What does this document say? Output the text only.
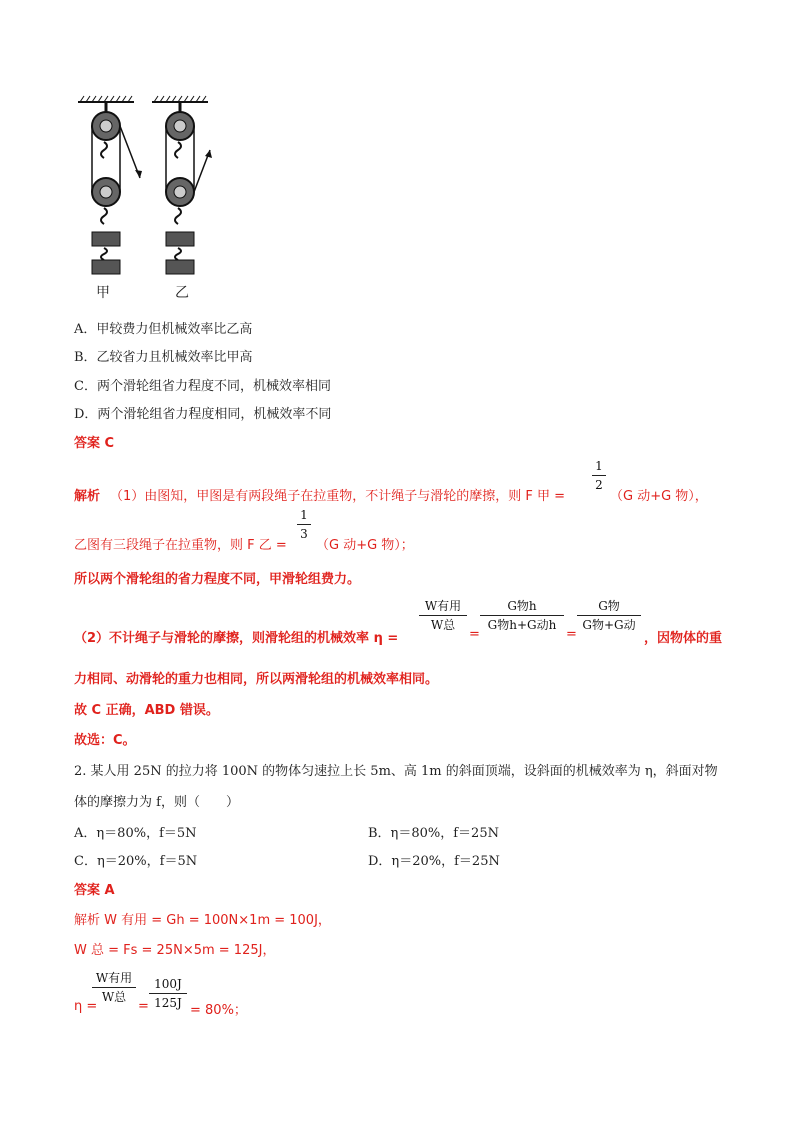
甲	乙
A．甲较费力但机械效率比乙高
B．乙较省力且机械效率比甲高
C．两个滑轮组省力程度不同，机械效率相同
D．两个滑轮组省力程度相同，机械效率不同
答案 C
解析 （1）由图知，甲图是有两段绳子在拉重物，不计绳子与滑轮的摩擦，则 F 甲 =
1
2
（G 动+G 物），
乙图有三段绳子在拉重物，则 F 乙 =
1
3
（G 动+G 物）；
所以两个滑轮组的省力程度不同，甲滑轮组费力。
（2）不计绳子与滑轮的摩擦，则滑轮组的机械效率 η =
W有用
W总
=
G物h
G物h+G动h
=
G物
G物+G动
，因物体的重
力相同、动滑轮的重力也相同，所以两滑轮组的机械效率相同。
故 C 正确，ABD 错误。
故选：C。
2. 某人用 25N 的拉力将 100N 的物体匀速拉上长 5m、高 1m 的斜面顶端，设斜面的机械效率为 η，斜面对物
体的摩擦力为 f，则（　　）
A．η＝80%，f＝5N	B．η＝80%，f＝25N
C．η＝20%，f＝5N	D．η＝20%，f＝25N
答案 A
解析 W 有用 = Gh = 100N×1m = 100J，
W 总 = Fs = 25N×5m = 125J，
η =
W有用
W总
=
100J
125J = 80%；
